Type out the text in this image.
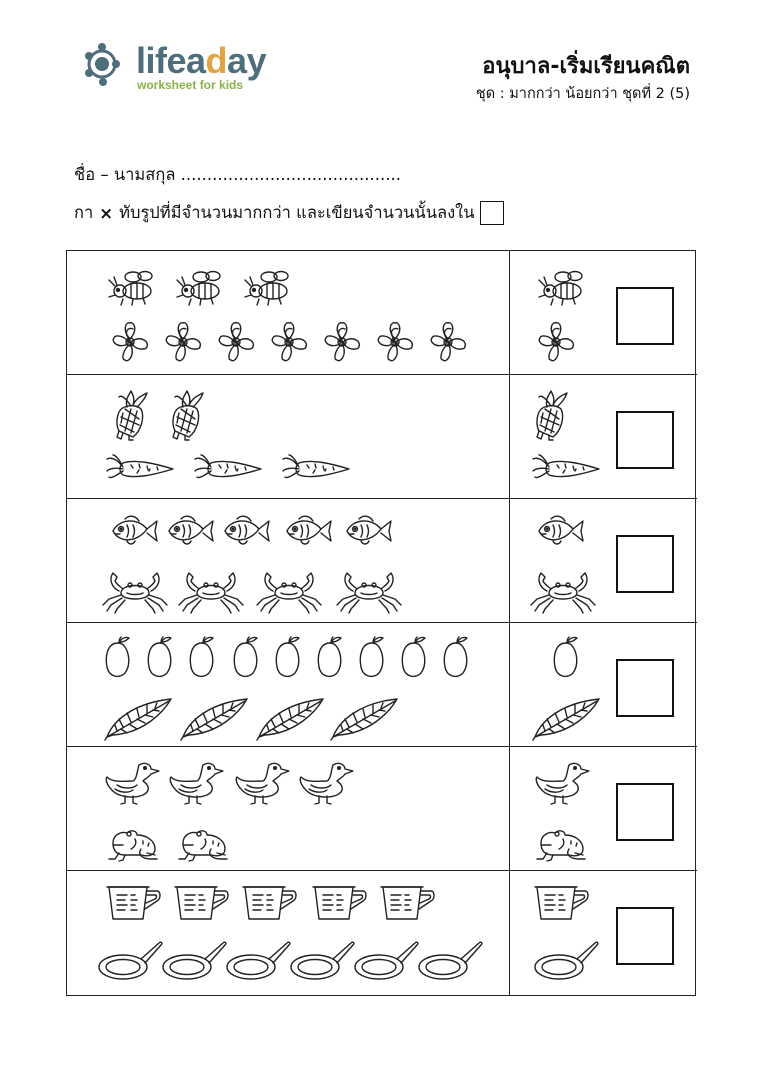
lifeaday
worksheet for kids
อนุบาล-เริ่มเรียนคณิต
ชุด : มากกว่า น้อยกว่า ชุดที่ 2 (5)
ชื่อ – นามสกุล ..........................................
กา × ทับรูปที่มีจำนวนมากกว่า และเขียนจำนวนนั้นลงใน
